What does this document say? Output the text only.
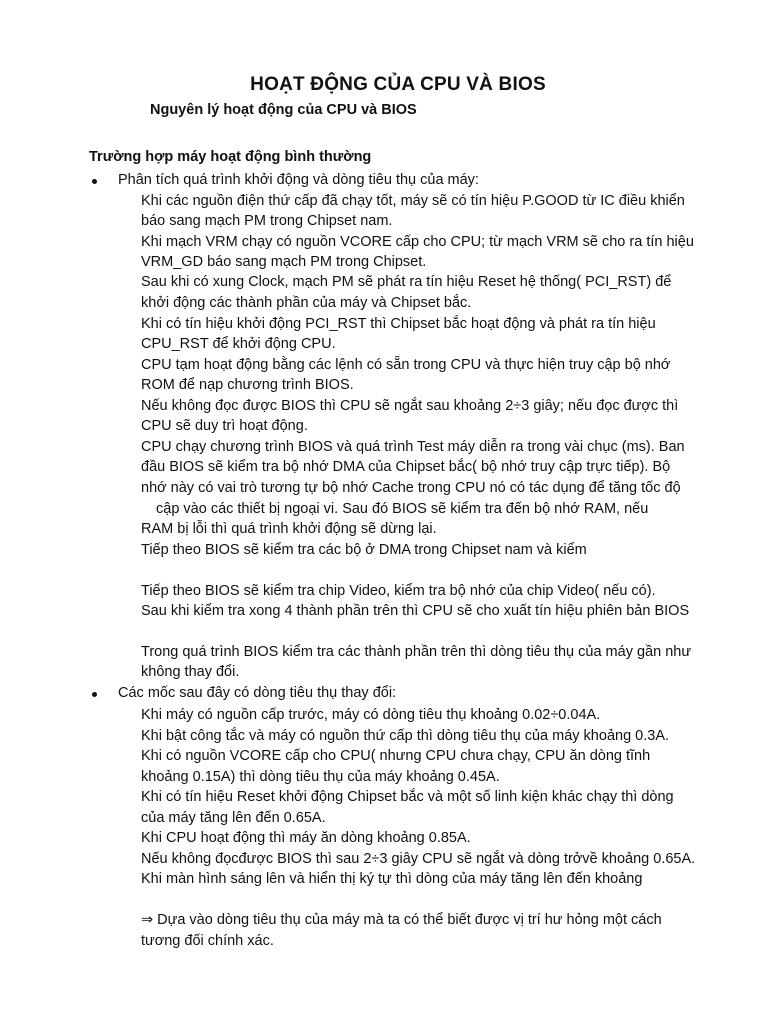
HOẠT ĐỘNG CỦA CPU VÀ BIOS
Nguyên lý hoạt động của CPU và BIOS
Trường hợp máy hoạt động bình thường
Phân tích quá trình khởi động và dòng tiêu thụ của máy:
Khi các nguồn điện thứ cấp đã chạy tốt, máy sẽ có tín hiệu P.GOOD từ IC điều khiển
báo sang mạch PM trong Chipset nam.
Khi mạch VRM chạy có nguồn VCORE cấp cho CPU; từ mạch VRM sẽ cho ra tín hiệu
VRM_GD báo sang mạch PM trong Chipset.
Sau khi có xung Clock, mạch PM sẽ phát ra tín hiệu Reset hệ thống( PCI_RST) để
khởi động các thành phần của máy và Chipset bắc.
Khi có tín hiệu khởi động PCI_RST thì Chipset bắc hoạt động và phát ra tín hiệu
CPU_RST để khởi động CPU.
CPU tạm hoạt động bằng các lệnh có sẵn trong CPU và thực hiện truy cập bộ nhớ
ROM để nạp chương trình BIOS.
Nếu không đọc được BIOS thì CPU sẽ ngắt sau khoảng 2÷3 giây; nếu đọc được thì
CPU sẽ duy trì hoạt động.
CPU chạy chương trình BIOS và quá trình Test máy diễn ra trong vài chục (ms). Ban
đầu BIOS sẽ kiểm tra bộ nhớ DMA của Chipset bắc( bộ nhớ truy cập trực tiếp). Bộ
nhớ này có vai trò tương tự bộ nhớ Cache trong CPU nó có tác dụng để tăng tốc độ
cập vào các thiết bị ngoại vi. Sau đó BIOS sẽ kiểm tra đến bộ nhớ RAM, nếu
RAM bị lỗi thì quá trình khởi động sẽ dừng lại.
Tiếp theo BIOS sẽ kiểm tra các bộ ở DMA trong Chipset nam và kiểm
Tiếp theo BIOS sẽ kiểm tra chip Video, kiểm tra bộ nhớ của chip Video( nếu có).
Sau khi kiểm tra xong 4 thành phần trên thì CPU sẽ cho xuất tín hiệu phiên bản BIOS
Trong quá trình BIOS kiểm tra các thành phần trên thì dòng tiêu thụ của máy gần như
không thay đổi.
Các mốc sau đây có dòng tiêu thụ thay đổi:
Khi máy có nguồn cấp trước, máy có dòng tiêu thụ khoảng 0.02÷0.04A.
Khi bật công tắc và máy có nguồn thứ cấp thì dòng tiêu thụ của máy khoảng 0.3A.
Khi có nguồn VCORE cấp cho CPU( nhưng CPU chưa chạy, CPU ăn dòng tĩnh
khoảng 0.15A) thì dòng tiêu thụ của máy khoảng 0.45A.
Khi có tín hiệu Reset khởi động Chipset bắc và một số linh kiện khác chạy thì dòng
của máy tăng lên đến 0.65A.
Khi CPU hoạt động thì máy ăn dòng khoảng 0.85A.
Nếu không đọcđược BIOS thì sau 2÷3 giây CPU sẽ ngắt và dòng trởvề khoảng 0.65A.
Khi màn hình sáng lên và hiển thị ký tự thì dòng của máy tăng lên đến khoảng
⇒ Dựa vào dòng tiêu thụ của máy mà ta có thể biết được vị trí hư hỏng một cách
tương đối chính xác.
